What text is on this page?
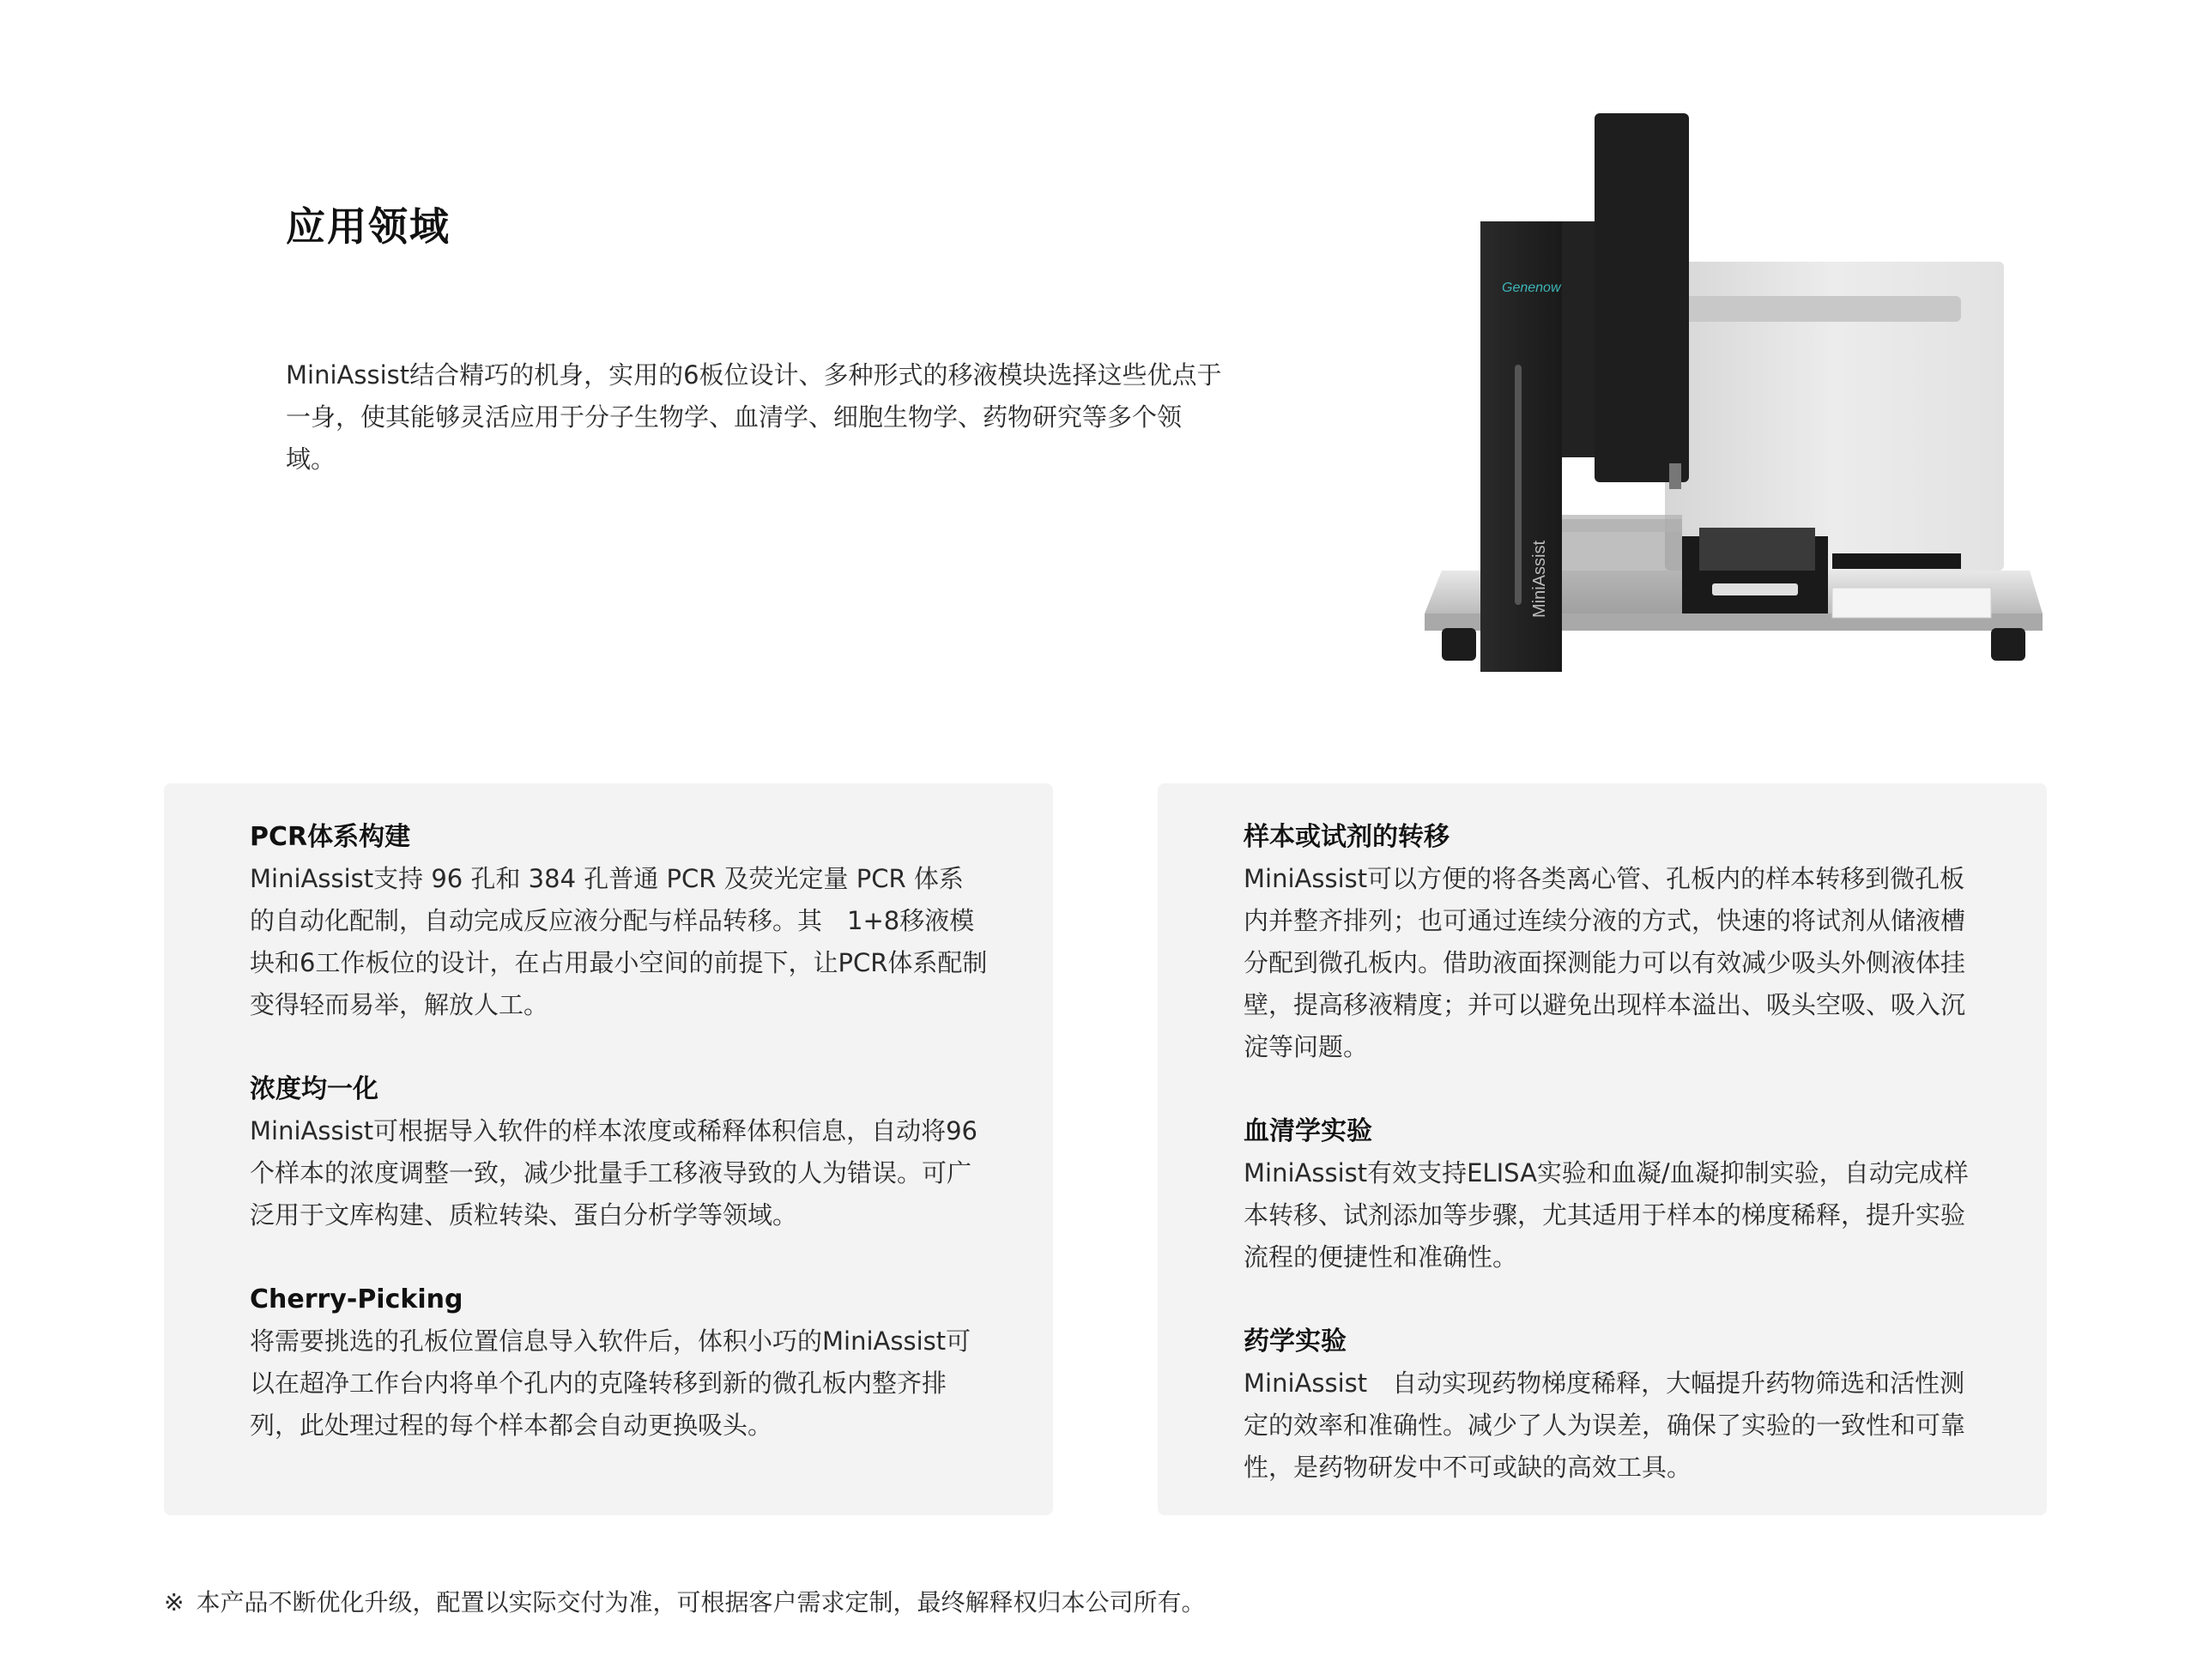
应用领域

MiniAssist结合精巧的机身，实用的6板位设计、多种形式的移液模块选择这些优点于一身，使其能够灵活应用于分子生物学、血清学、细胞生物学、药物研究等多个领域。

MiniAssist
Genenow
PCR体系构建
MiniAssist支持 96 孔和 384 孔普通 PCR 及荧光定量 PCR 体系的自动化配制，自动完成反应液分配与样品转移。其　1+8移液模块和6工作板位的设计，在占用最小空间的前提下，让PCR体系配制变得轻而易举，解放人工。
浓度均一化
MiniAssist可根据导入软件的样本浓度或稀释体积信息，自动将96个样本的浓度调整一致，减少批量手工移液导致的人为错误。可广泛用于文库构建、质粒转染、蛋白分析学等领域。
Cherry-Picking
将需要挑选的孔板位置信息导入软件后，体积小巧的MiniAssist可以在超净工作台内将单个孔内的克隆转移到新的微孔板内整齐排列，此处理过程的每个样本都会自动更换吸头。
样本或试剂的转移
MiniAssist可以方便的将各类离心管、孔板内的样本转移到微孔板内并整齐排列；也可通过连续分液的方式，快速的将试剂从储液槽分配到微孔板内。借助液面探测能力可以有效减少吸头外侧液体挂壁，提高移液精度；并可以避免出现样本溢出、吸头空吸、吸入沉淀等问题。
血清学实验
MiniAssist有效支持ELISA实验和血凝/血凝抑制实验，自动完成样本转移、试剂添加等步骤，尤其适用于样本的梯度稀释，提升实验流程的便捷性和准确性。
药学实验
MiniAssist　自动实现药物梯度稀释，大幅提升药物筛选和活性测定的效率和准确性。减少了人为误差，确保了实验的一致性和可靠性，是药物研发中不可或缺的高效工具。
※ 本产品不断优化升级，配置以实际交付为准，可根据客户需求定制，最终解释权归本公司所有。
